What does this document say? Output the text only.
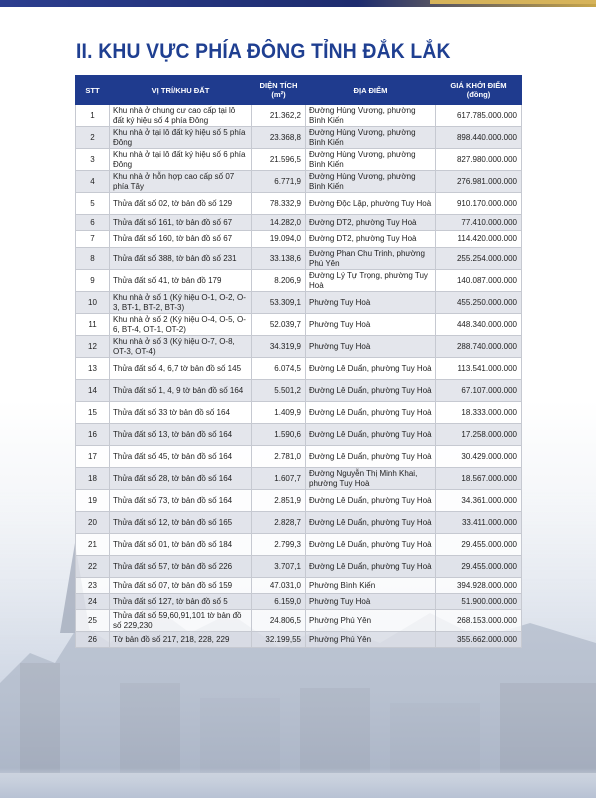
II. KHU VỰC PHÍA ĐÔNG TỈNH ĐẮK LẮK
STT	VỊ TRÍ/KHU ĐẤT	DIỆN TÍCH (m²)	ĐỊA ĐIỂM	GIÁ KHỞI ĐIỂM (đồng)
1	Khu nhà ở chung cư cao cấp tại lô đất ký hiệu số 4 phía Đông	21.362,2	Đường Hùng Vương, phường Bình Kiến	617.785.000.000
2	Khu nhà ở tại lô đất ký hiệu số 5 phía Đông	23.368,8	Đường Hùng Vương, phường Bình Kiến	898.440.000.000
3	Khu nhà ở tại lô đất ký hiệu số 6 phía Đông	21.596,5	Đường Hùng Vương, phường Bình Kiến	827.980.000.000
4	Khu nhà ở hỗn hợp cao cấp số 07 phía Tây	6.771,9	Đường Hùng Vương, phường Bình Kiến	276.981.000.000
5	Thửa đất số 02, tờ bản đồ số 129	78.332,9	Đường Độc Lập, phường Tuy Hoà	910.170.000.000
6	Thửa đất số 161, tờ bản đồ số 67	14.282,0	Đường DT2, phường Tuy Hoà	77.410.000.000
7	Thửa đất số 160, tờ bản đồ số 67	19.094,0	Đường DT2, phường Tuy Hoà	114.420.000.000
8	Thửa đất số 388, tờ bản đồ số 231	33.138,6	Đường Phan Chu Trinh, phường Phú Yên	255.254.000.000
9	Thửa đất số 41, tờ bản đồ 179	8.206,9	Đường Lý Tự Trọng, phường Tuy Hoà	140.087.000.000
10	Khu nhà ở số 1 (Ký hiệu O-1, O-2, O-3, BT-1, BT-2, BT-3)	53.309,1	Phường Tuy Hoà	455.250.000.000
11	Khu nhà ở số 2 (Ký hiệu O-4, O-5, O-6, BT-4, OT-1, OT-2)	52.039,7	Phường Tuy Hoà	448.340.000.000
12	Khu nhà ở số 3 (Ký hiệu O-7, O-8, OT-3, OT-4)	34.319,9	Phường Tuy Hoà	288.740.000.000
13	Thửa đất số 4, 6,7 tờ bản đồ số 145	6.074,5	Đường Lê Duẩn, phường Tuy Hoà	113.541.000.000
14	Thửa đất số 1, 4, 9 tờ bản đồ số 164	5.501,2	Đường Lê Duẩn, phường Tuy Hoà	67.107.000.000
15	Thửa đất số 33 tờ bản đồ số 164	1.409,9	Đường Lê Duẩn, phường Tuy Hoà	18.333.000.000
16	Thửa đất số 13, tờ bản đồ số 164	1.590,6	Đường Lê Duẩn, phường Tuy Hoà	17.258.000.000
17	Thửa đất số 45, tờ bản đồ số 164	2.781,0	Đường Lê Duẩn, phường Tuy Hoà	30.429.000.000
18	Thửa đất số 28, tờ bản đồ số 164	1.607,7	Đường Nguyễn Thị Minh Khai, phường Tuy Hoà	18.567.000.000
19	Thửa đất số 73, tờ bản đồ số 164	2.851,9	Đường Lê Duẩn, phường Tuy Hoà	34.361.000.000
20	Thửa đất số 12, tờ bản đồ số 165	2.828,7	Đường Lê Duẩn, phường Tuy Hoà	33.411.000.000
21	Thửa đất số 01, tờ bản đồ số 184	2.799,3	Đường Lê Duẩn, phường Tuy Hoà	29.455.000.000
22	Thửa đất số 57, tờ bản đồ số 226	3.707,1	Đường Lê Duẩn, phường Tuy Hoà	29.455.000.000
23	Thửa đất số 07, tờ bản đồ số 159	47.031,0	Phường Bình Kiến	394.928.000.000
24	Thửa đất số 127, tờ bản đồ số 5	6.159,0	Phường Tuy Hoà	51.900.000.000
25	Thửa đất số 59,60,91,101 tờ bản đồ số 229,230	24.806,5	Phường Phú Yên	268.153.000.000
26	Tờ bản đồ số 217, 218, 228, 229	32.199,55	Phường Phú Yên	355.662.000.000
